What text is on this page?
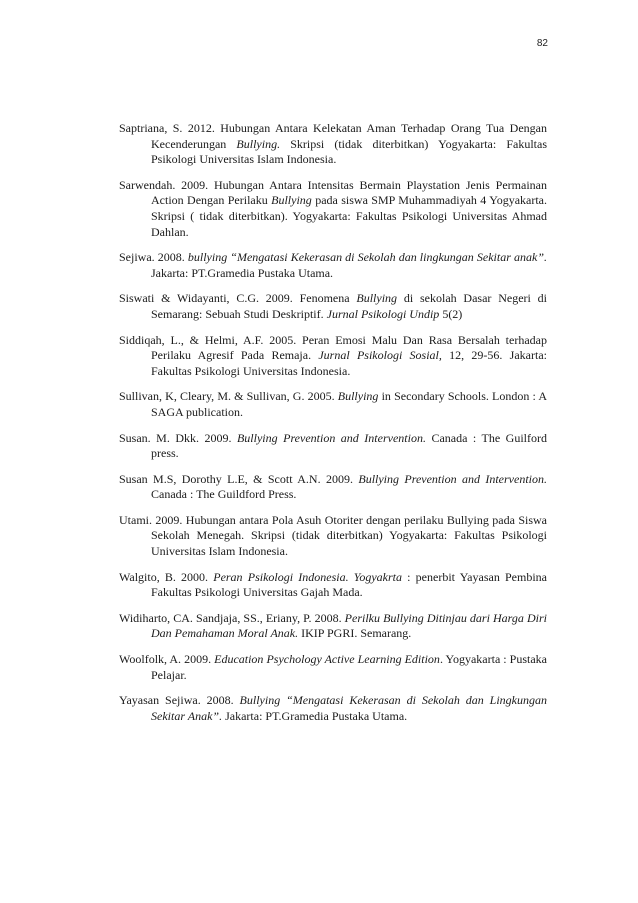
82

Saptriana, S. 2012. Hubungan Antara Kelekatan Aman Terhadap Orang Tua Dengan Kecenderungan Bullying. Skripsi (tidak diterbitkan) Yogyakarta: Fakultas Psikologi Universitas Islam Indonesia.

Sarwendah. 2009. Hubungan Antara Intensitas Bermain Playstation Jenis Permainan Action Dengan Perilaku Bullying pada siswa SMP Muhammadiyah 4 Yogyakarta. Skripsi ( tidak diterbitkan). Yogyakarta: Fakultas Psikologi Universitas Ahmad Dahlan.

Sejiwa. 2008. bullying “Mengatasi Kekerasan di Sekolah dan lingkungan Sekitar anak”. Jakarta: PT.Gramedia Pustaka Utama.

Siswati & Widayanti, C.G. 2009. Fenomena Bullying di sekolah Dasar Negeri di Semarang: Sebuah Studi Deskriptif. Jurnal Psikologi Undip 5(2)

Siddiqah, L., & Helmi, A.F. 2005. Peran Emosi Malu Dan Rasa Bersalah terhadap Perilaku Agresif Pada Remaja. Jurnal Psikologi Sosial, 12, 29-56. Jakarta: Fakultas Psikologi Universitas Indonesia.

Sullivan, K, Cleary, M. & Sullivan, G. 2005. Bullying in Secondary Schools. London : A SAGA publication.

Susan. M. Dkk. 2009. Bullying Prevention and Intervention. Canada : The Guilford press.

Susan M.S, Dorothy L.E, & Scott A.N. 2009. Bullying Prevention and Intervention. Canada : The Guildford Press.

Utami. 2009. Hubungan antara Pola Asuh Otoriter dengan perilaku Bullying pada Siswa Sekolah Menegah. Skripsi (tidak diterbitkan) Yogyakarta: Fakultas Psikologi Universitas Islam Indonesia.

Walgito, B. 2000. Peran Psikologi Indonesia. Yogyakrta : penerbit Yayasan Pembina Fakultas Psikologi Universitas Gajah Mada.

Widiharto, CA. Sandjaja, SS., Eriany, P. 2008. Perilku Bullying Ditinjau dari Harga Diri Dan Pemahaman Moral Anak. IKIP PGRI. Semarang.

Woolfolk, A. 2009. Education Psychology Active Learning Edition. Yogyakarta : Pustaka Pelajar.

Yayasan Sejiwa. 2008. Bullying “Mengatasi Kekerasan di Sekolah dan Lingkungan Sekitar Anak”. Jakarta: PT.Gramedia Pustaka Utama.
